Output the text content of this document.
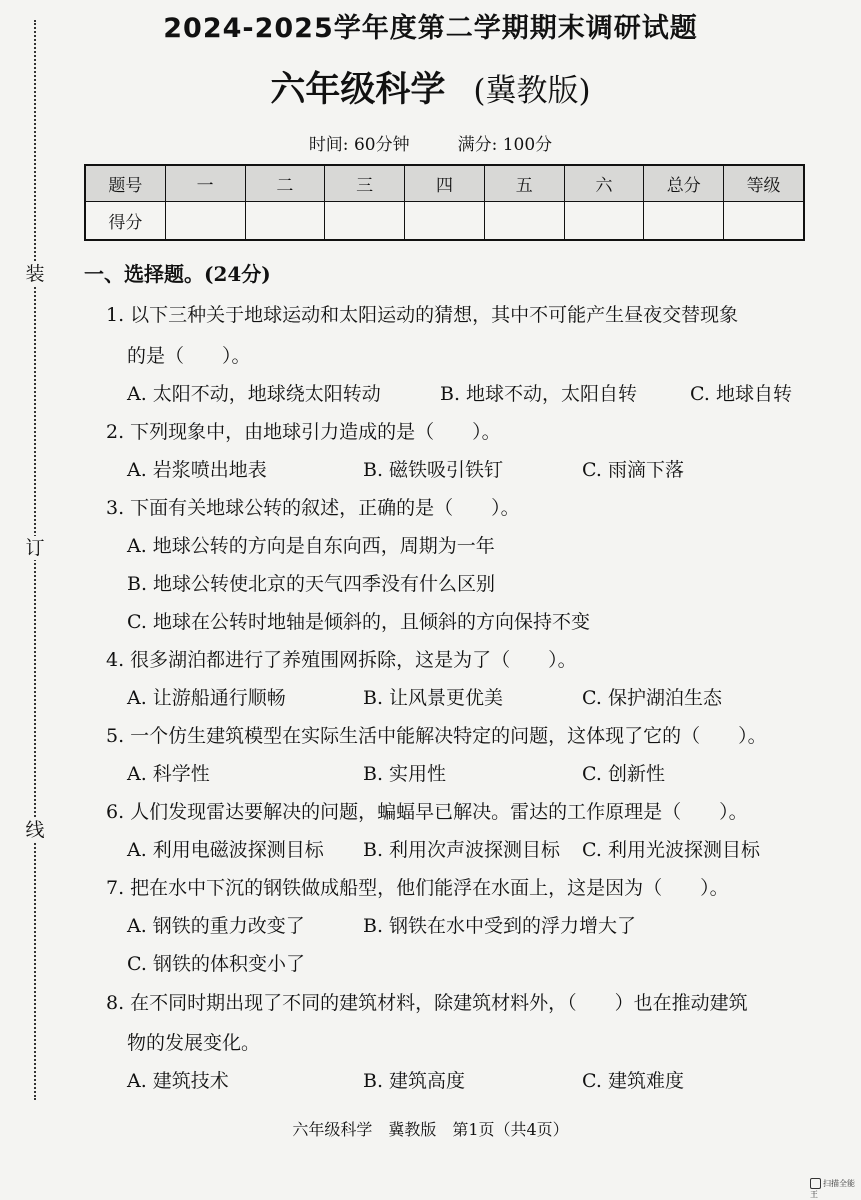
装
订
线
2024-2025学年度第二学期期末调研试题
六年级科学 (冀教版)
时间: 60分钟	满分: 100分
题号	一	二	三	四	五	六	总分	等级
得分								
一、选择题。(24分)
1. 以下三种关于地球运动和太阳运动的猜想，其中不可能产生昼夜交替现象
的是（　　）。
A. 太阳不动，地球绕太阳转动	B. 地球不动，太阳自转	C. 地球自转
2. 下列现象中，由地球引力造成的是（　　）。
A. 岩浆喷出地表	B. 磁铁吸引铁钉	C. 雨滴下落
3. 下面有关地球公转的叙述，正确的是（　　）。
A. 地球公转的方向是自东向西，周期为一年
B. 地球公转使北京的天气四季没有什么区别
C. 地球在公转时地轴是倾斜的，且倾斜的方向保持不变
4. 很多湖泊都进行了养殖围网拆除，这是为了（　　）。
A. 让游船通行顺畅	B. 让风景更优美	C. 保护湖泊生态
5. 一个仿生建筑模型在实际生活中能解决特定的问题，这体现了它的（　　）。
A. 科学性	B. 实用性	C. 创新性
6. 人们发现雷达要解决的问题，蝙蝠早已解决。雷达的工作原理是（　　）。
A. 利用电磁波探测目标 B. 利用次声波探测目标 C. 利用光波探测目标
7. 把在水中下沉的钢铁做成船型，他们能浮在水面上，这是因为（　　）。
A. 钢铁的重力改变了	B. 钢铁在水中受到的浮力增大了
C. 钢铁的体积变小了
8. 在不同时期出现了不同的建筑材料，除建筑材料外，（　　）也在推动建筑
物的发展变化。
A. 建筑技术	B. 建筑高度	C. 建筑难度
六年级科学　冀教版　第1页（共4页）
扫描全能王
